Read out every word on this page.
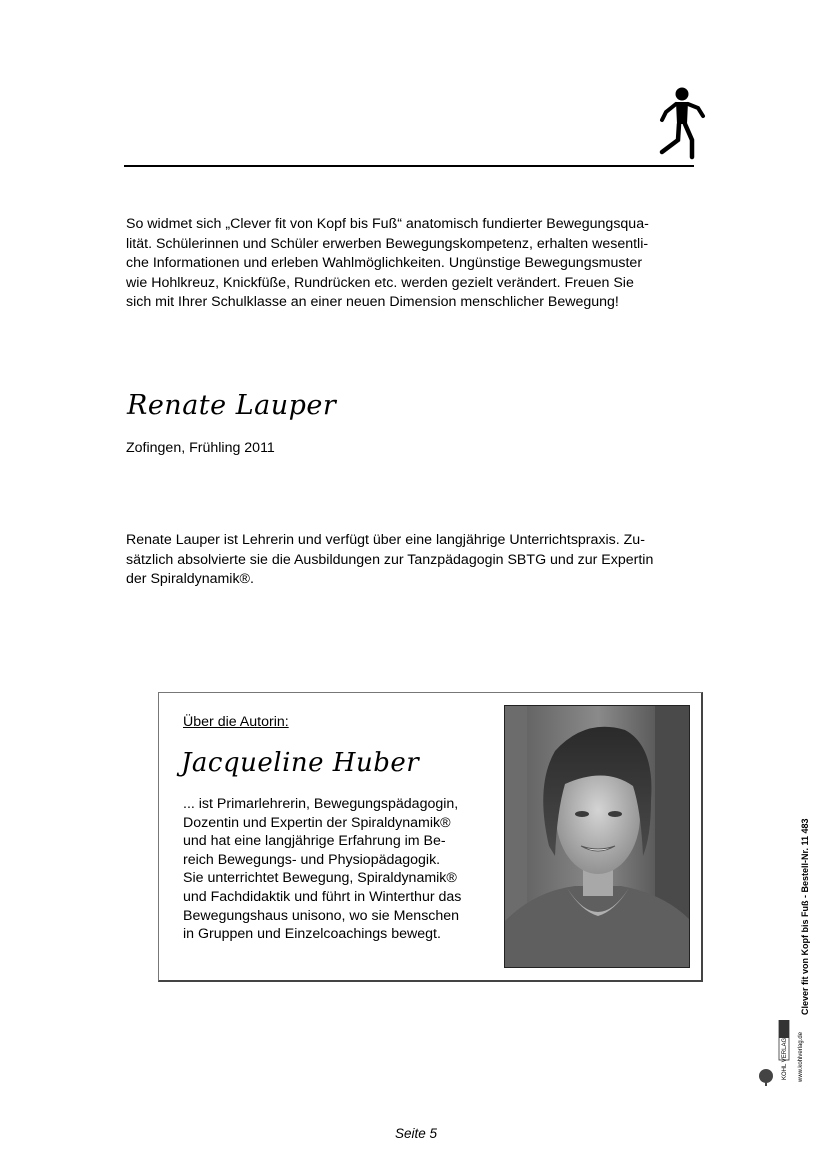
So widmet sich „Clever fit von Kopf bis Fuß“ anatomisch fundierter Bewegungsqua-
lität. Schülerinnen und Schüler erwerben Bewegungskompetenz, erhalten wesentli-
che Informationen und erleben Wahlmöglichkeiten. Ungünstige Bewegungsmuster
wie Hohlkreuz, Knickfüße, Rundrücken etc. werden gezielt verändert. Freuen Sie
sich mit Ihrer Schulklasse an einer neuen Dimension menschlicher Bewegung!
Renate Lauper
Zofingen, Frühling 2011
Renate Lauper ist Lehrerin und verfügt über eine langjährige Unterrichtspraxis. Zu-
sätzlich absolvierte sie die Ausbildungen zur Tanzpädagogin SBTG und zur Expertin
der Spiraldynamik®.
Über die Autorin:
Jacqueline Huber
... ist Primarlehrerin, Bewegungspädagogin,
Dozentin und Expertin der Spiraldynamik®
und hat eine langjährige Erfahrung im Be-
reich Bewegungs- und Physiopädagogik.
Sie unterrichtet Bewegung, Spiraldynamik®
und Fachdidaktik und führt in Winterthur das
Bewegungshaus unisono, wo sie Menschen
in Gruppen und Einzelcoachings bewegt.
KOHL VERLAG www.kohlverlag.de
Clever fit von Kopf bis Fuß - Bestell-Nr. 11 483
Seite 5
